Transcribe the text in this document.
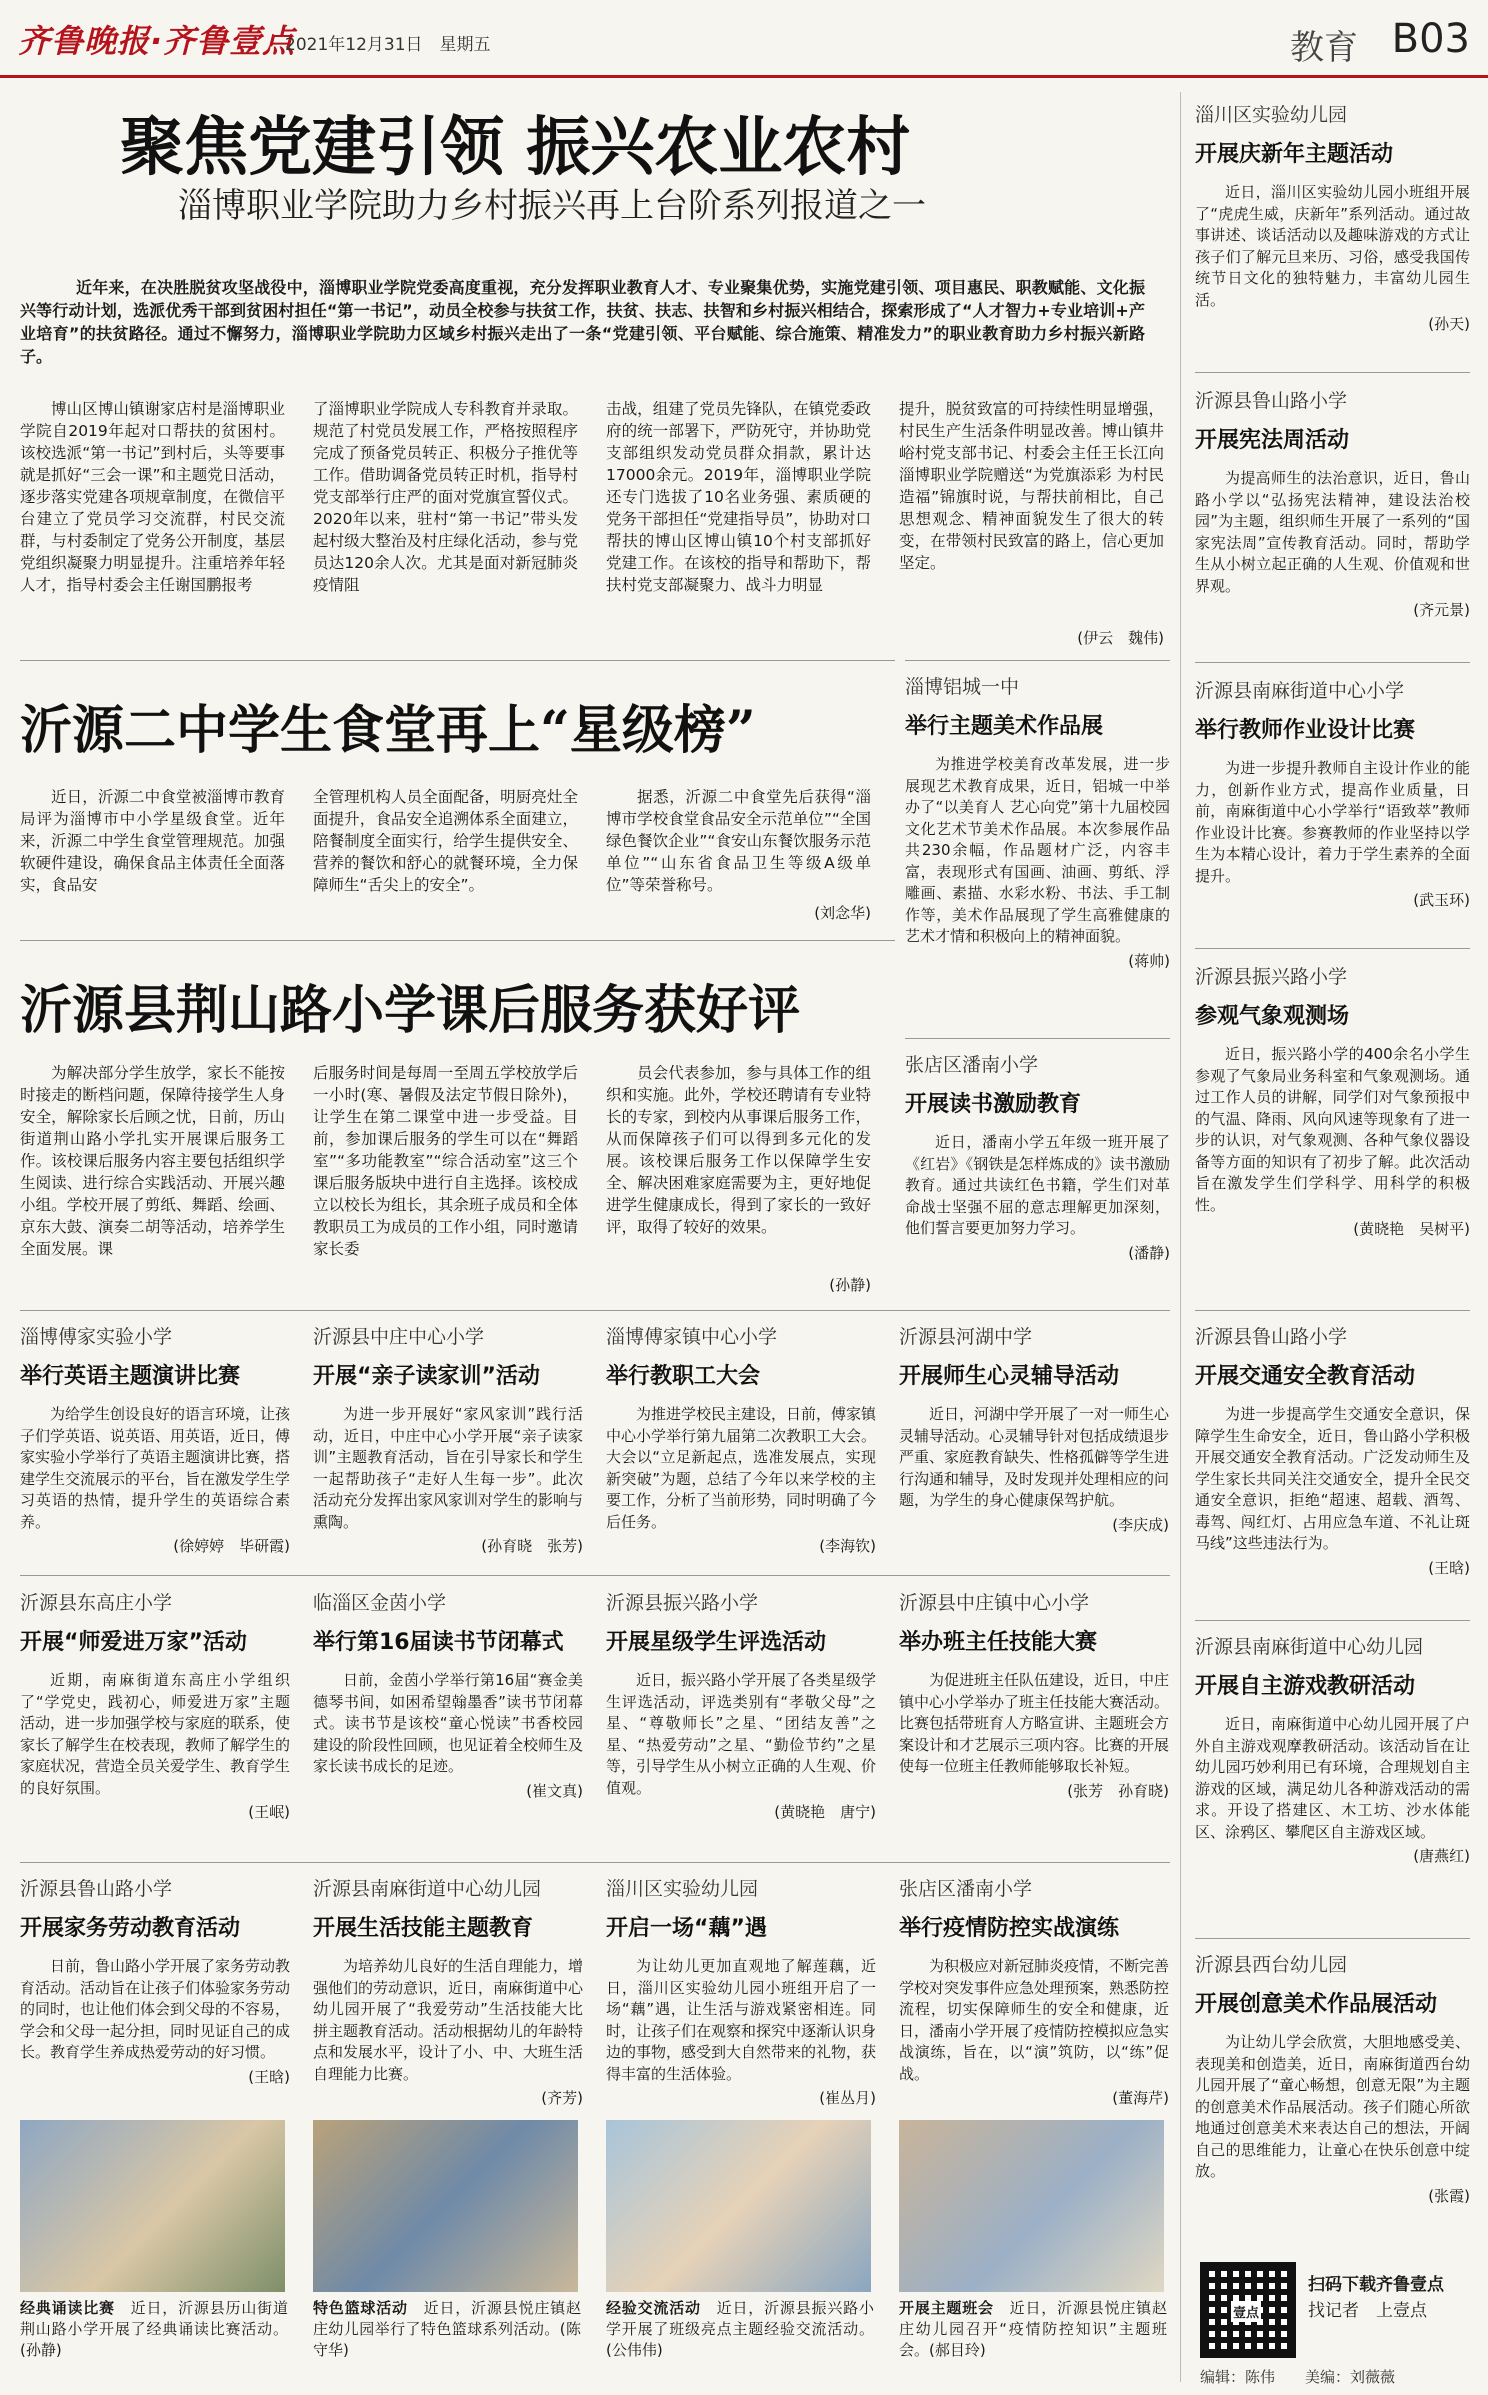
齐鲁晚报·齐鲁壹点
2021年12月31日　 星期五	教育 B03
聚焦党建引领 振兴农业农村
淄博职业学院助力乡村振兴再上台阶系列报道之一
近年来，在决胜脱贫攻坚战役中，淄博职业学院党委高度重视，充分发挥职业教育人才、专业聚集优势，实施党建引领、项目惠民、职教赋能、文化振兴等行动计划，选派优秀干部到贫困村担任“第一书记”，动员全校参与扶贫工作，扶贫、扶志、扶智和乡村振兴相结合，探索形成了“人才智力+专业培训+产业培育”的扶贫路径。通过不懈努力，淄博职业学院助力区域乡村振兴走出了一条“党建引领、平台赋能、综合施策、精准发力”的职业教育助力乡村振兴新路子。
博山区博山镇谢家店村是淄博职业学院自2019年起对口帮扶的贫困村。该校选派“第一书记”到村后，头等要事就是抓好“三会一课”和主题党日活动，逐步落实党建各项规章制度，在微信平台建立了党员学习交流群，村民交流群，与村委制定了党务公开制度，基层党组织凝聚力明显提升。注重培养年轻人才，指导村委会主任谢国鹏报考
了淄博职业学院成人专科教育并录取。规范了村党员发展工作，严格按照程序完成了预备党员转正、积极分子推优等工作。借助调备党员转正时机，指导村党支部举行庄严的面对党旗宣誓仪式。2020年以来，驻村“第一书记”带头发起村级大整治及村庄绿化活动，参与党员达120余人次。尤其是面对新冠肺炎疫情阻
击战，组建了党员先锋队，在镇党委政府的统一部署下，严防死守，并协助党支部组织发动党员群众捐款，累计达17000余元。2019年，淄博职业学院还专门选拔了10名业务强、素质硬的党务干部担任“党建指导员”，协助对口帮扶的博山区博山镇10个村支部抓好党建工作。在该校的指导和帮助下，帮扶村党支部凝聚力、战斗力明显
提升，脱贫致富的可持续性明显增强，村民生产生活条件明显改善。博山镇井峪村党支部书记、村委会主任王长江向淄博职业学院赠送“为党旗添彩 为村民造福”锦旗时说，与帮扶前相比，自己思想观念、精神面貌发生了很大的转变，在带领村民致富的路上，信心更加坚定。
(伊云　魏伟)
沂源二中学生食堂再上“星级榜”
近日，沂源二中食堂被淄博市教育局评为淄博市中小学星级食堂。近年来，沂源二中学生食堂管理规范。加强软硬件建设，确保食品主体责任全面落实，食品安
全管理机构人员全面配备，明厨亮灶全面提升，食品安全追溯体系全面建立，陪餐制度全面实行，给学生提供安全、营养的餐饮和舒心的就餐环境，全力保障师生“舌尖上的安全”。
据悉，沂源二中食堂先后获得“淄博市学校食堂食品安全示范单位”“全国绿色餐饮企业”“食安山东餐饮服务示范单位”“山东省食品卫生等级A级单位”等荣誉称号。
(刘念华)
沂源县荆山路小学课后服务获好评
为解决部分学生放学，家长不能按时接走的断档问题，保障待接学生人身安全，解除家长后顾之忧，日前，历山街道荆山路小学扎实开展课后服务工作。该校课后服务内容主要包括组织学生阅读、进行综合实践活动、开展兴趣小组。学校开展了剪纸、舞蹈、绘画、京东大鼓、演奏二胡等活动，培养学生全面发展。课
后服务时间是每周一至周五学校放学后一小时(寒、暑假及法定节假日除外)，让学生在第二课堂中进一步受益。目前，参加课后服务的学生可以在“舞蹈室”“多功能教室”“综合活动室”这三个课后服务版块中进行自主选择。该校成立以校长为组长，其余班子成员和全体教职员工为成员的工作小组，同时邀请家长委
员会代表参加，参与具体工作的组织和实施。此外，学校还聘请有专业特长的专家，到校内从事课后服务工作，从而保障孩子们可以得到多元化的发展。该校课后服务工作以保障学生安全、解决困难家庭需要为主，更好地促进学生健康成长，得到了家长的一致好评，取得了较好的效果。
(孙静)
淄博铝城一中
举行主题美术作品展

为推进学校美育改革发展，进一步展现艺术教育成果，近日，铝城一中举办了“以美育人 艺心向党”第十九届校园文化艺术节美术作品展。本次参展作品共230余幅，作品题材广泛，内容丰富，表现形式有国画、油画、剪纸、浮雕画、素描、水彩水粉、书法、手工制作等，美术作品展现了学生高雅健康的艺术才情和积极向上的精神面貌。

(蒋帅)
张店区潘南小学
开展读书激励教育

近日，潘南小学五年级一班开展了《红岩》《钢铁是怎样炼成的》读书激励教育。通过共读红色书籍，学生们对革命战士坚强不屈的意志理解更加深刻，他们誓言要更加努力学习。

(潘静)
淄博傅家实验小学
举行英语主题演讲比赛

为给学生创设良好的语言环境，让孩子们学英语、说英语、用英语，近日，傅家实验小学举行了英语主题演讲比赛，搭建学生交流展示的平台，旨在激发学生学习英语的热情，提升学生的英语综合素养。

(徐婷婷　毕研霞)
沂源县中庄中心小学
开展“亲子读家训”活动

为进一步开展好“家风家训”践行活动，近日，中庄中心小学开展“亲子读家训”主题教育活动，旨在引导家长和学生一起帮助孩子“走好人生每一步”。此次活动充分发挥出家风家训对学生的影响与熏陶。

(孙育晓　张芳)
淄博傅家镇中心小学
举行教职工大会

为推进学校民主建设，日前，傅家镇中心小学举行第九届第二次教职工大会。大会以“立足新起点，选准发展点，实现新突破”为题，总结了今年以来学校的主要工作，分析了当前形势，同时明确了今后任务。

(李海钦)
沂源县河湖中学
开展师生心灵辅导活动

近日，河湖中学开展了一对一师生心灵辅导活动。心灵辅导针对包括成绩退步严重、家庭教育缺失、性格孤僻等学生进行沟通和辅导，及时发现并处理相应的问题，为学生的身心健康保驾护航。

(李庆成)
沂源县东高庄小学
开展“师爱进万家”活动

近期，南麻街道东高庄小学组织了“学党史，践初心，师爱进万家”主题活动，进一步加强学校与家庭的联系，使家长了解学生在校表现，教师了解学生的家庭状况，营造全员关爱学生、教育学生的良好氛围。

(王岷)
临淄区金茵小学
举行第16届读书节闭幕式

日前，金茵小学举行第16届“赛金美德琴书间，如困希望翰墨香”读书节闭幕式。读书节是该校“童心悦读”书香校园建设的阶段性回顾，也见证着全校师生及家长读书成长的足迹。

(崔文真)
沂源县振兴路小学
开展星级学生评选活动

近日，振兴路小学开展了各类星级学生评选活动，评选类别有“孝敬父母”之星、“尊敬师长”之星、“团结友善”之星、“热爱劳动”之星、“勤俭节约”之星等，引导学生从小树立正确的人生观、价值观。

(黄晓艳　唐宁)
沂源县中庄镇中心小学
举办班主任技能大赛

为促进班主任队伍建设，近日，中庄镇中心小学举办了班主任技能大赛活动。比赛包括带班育人方略宣讲、主题班会方案设计和才艺展示三项内容。比赛的开展使每一位班主任教师能够取长补短。

(张芳　孙育晓)
沂源县鲁山路小学
开展家务劳动教育活动

日前，鲁山路小学开展了家务劳动教育活动。活动旨在让孩子们体验家务劳动的同时，也让他们体会到父母的不容易，学会和父母一起分担，同时见证自己的成长。教育学生养成热爱劳动的好习惯。

(王晗)
经典诵读比赛　 近日，沂源县历山街道荆山路小学开展了经典诵读比赛活动。(孙静)
沂源县南麻街道中心幼儿园
开展生活技能主题教育

为培养幼儿良好的生活自理能力，增强他们的劳动意识，近日，南麻街道中心幼儿园开展了“我爱劳动”生活技能大比拼主题教育活动。活动根据幼儿的年龄特点和发展水平，设计了小、中、大班生活自理能力比赛。

(齐芳)
特色篮球活动　 近日，沂源县悦庄镇赵庄幼儿园举行了特色篮球系列活动。(陈守华)
淄川区实验幼儿园
开启一场“藕”遇

为让幼儿更加直观地了解莲藕，近日，淄川区实验幼儿园小班组开启了一场“藕”遇，让生活与游戏紧密相连。同时，让孩子们在观察和探究中逐渐认识身边的事物，感受到大自然带来的礼物，获得丰富的生活体验。

(崔丛月)
经验交流活动　 近日，沂源县振兴路小学开展了班级亮点主题经验交流活动。(公伟伟)
张店区潘南小学
举行疫情防控实战演练

为积极应对新冠肺炎疫情，不断完善学校对突发事件应急处理预案，熟悉防控流程，切实保障师生的安全和健康，近日，潘南小学开展了疫情防控模拟应急实战演练，旨在，以“演”筑防，以“练”促战。

(董海芹)
开展主题班会　 近日，沂源县悦庄镇赵庄幼儿园召开“疫情防控知识”主题班会。(郝目玲)
淄川区实验幼儿园
开展庆新年主题活动

近日，淄川区实验幼儿园小班组开展了“虎虎生威，庆新年”系列活动。通过故事讲述、谈话活动以及趣味游戏的方式让孩子们了解元旦来历、习俗，感受我国传统节日文化的独特魅力，丰富幼儿园生活。

(孙天)
沂源县鲁山路小学
开展宪法周活动

为提高师生的法治意识，近日，鲁山路小学以“弘扬宪法精神，建设法治校园”为主题，组织师生开展了一系列的“国家宪法周”宣传教育活动。同时，帮助学生从小树立起正确的人生观、价值观和世界观。

(齐元景)
沂源县南麻街道中心小学
举行教师作业设计比赛

为进一步提升教师自主设计作业的能力，创新作业方式，提高作业质量，日前，南麻街道中心小学举行“语致萃”教师作业设计比赛。参赛教师的作业坚持以学生为本精心设计，着力于学生素养的全面提升。

(武玉环)
沂源县振兴路小学
参观气象观测场

近日，振兴路小学的400余名小学生参观了气象局业务科室和气象观测场。通过工作人员的讲解，同学们对气象预报中的气温、降雨、风向风速等现象有了进一步的认识，对气象观测、各种气象仪器设备等方面的知识有了初步了解。此次活动旨在激发学生们学科学、用科学的积极性。

(黄晓艳　吴树平)
沂源县鲁山路小学
开展交通安全教育活动

为进一步提高学生交通安全意识，保障学生生命安全，近日，鲁山路小学积极开展交通安全教育活动。广泛发动师生及学生家长共同关注交通安全，提升全民交通安全意识，拒绝“超速、超载、酒驾、毒驾、闯红灯、占用应急车道、不礼让斑马线”这些违法行为。

(王晗)
沂源县南麻街道中心幼儿园
开展自主游戏教研活动

近日，南麻街道中心幼儿园开展了户外自主游戏观摩教研活动。该活动旨在让幼儿园巧妙利用已有环境，合理规划自主游戏的区域，满足幼儿各种游戏活动的需求。开设了搭建区、木工坊、沙水体能区、涂鸦区、攀爬区自主游戏区域。

(唐燕红)
沂源县西台幼儿园
开展创意美术作品展活动

为让幼儿学会欣赏，大胆地感受美、表现美和创造美，近日，南麻街道西台幼儿园开展了“童心畅想，创意无限”为主题的创意美术作品展活动。孩子们随心所欲地通过创意美术来表达自己的想法，开阔自己的思维能力，让童心在快乐创意中绽放。

(张霞)
壹点
扫码下载齐鲁壹点
找记者　上壹点
编辑：陈伟　　美编：刘薇薇
